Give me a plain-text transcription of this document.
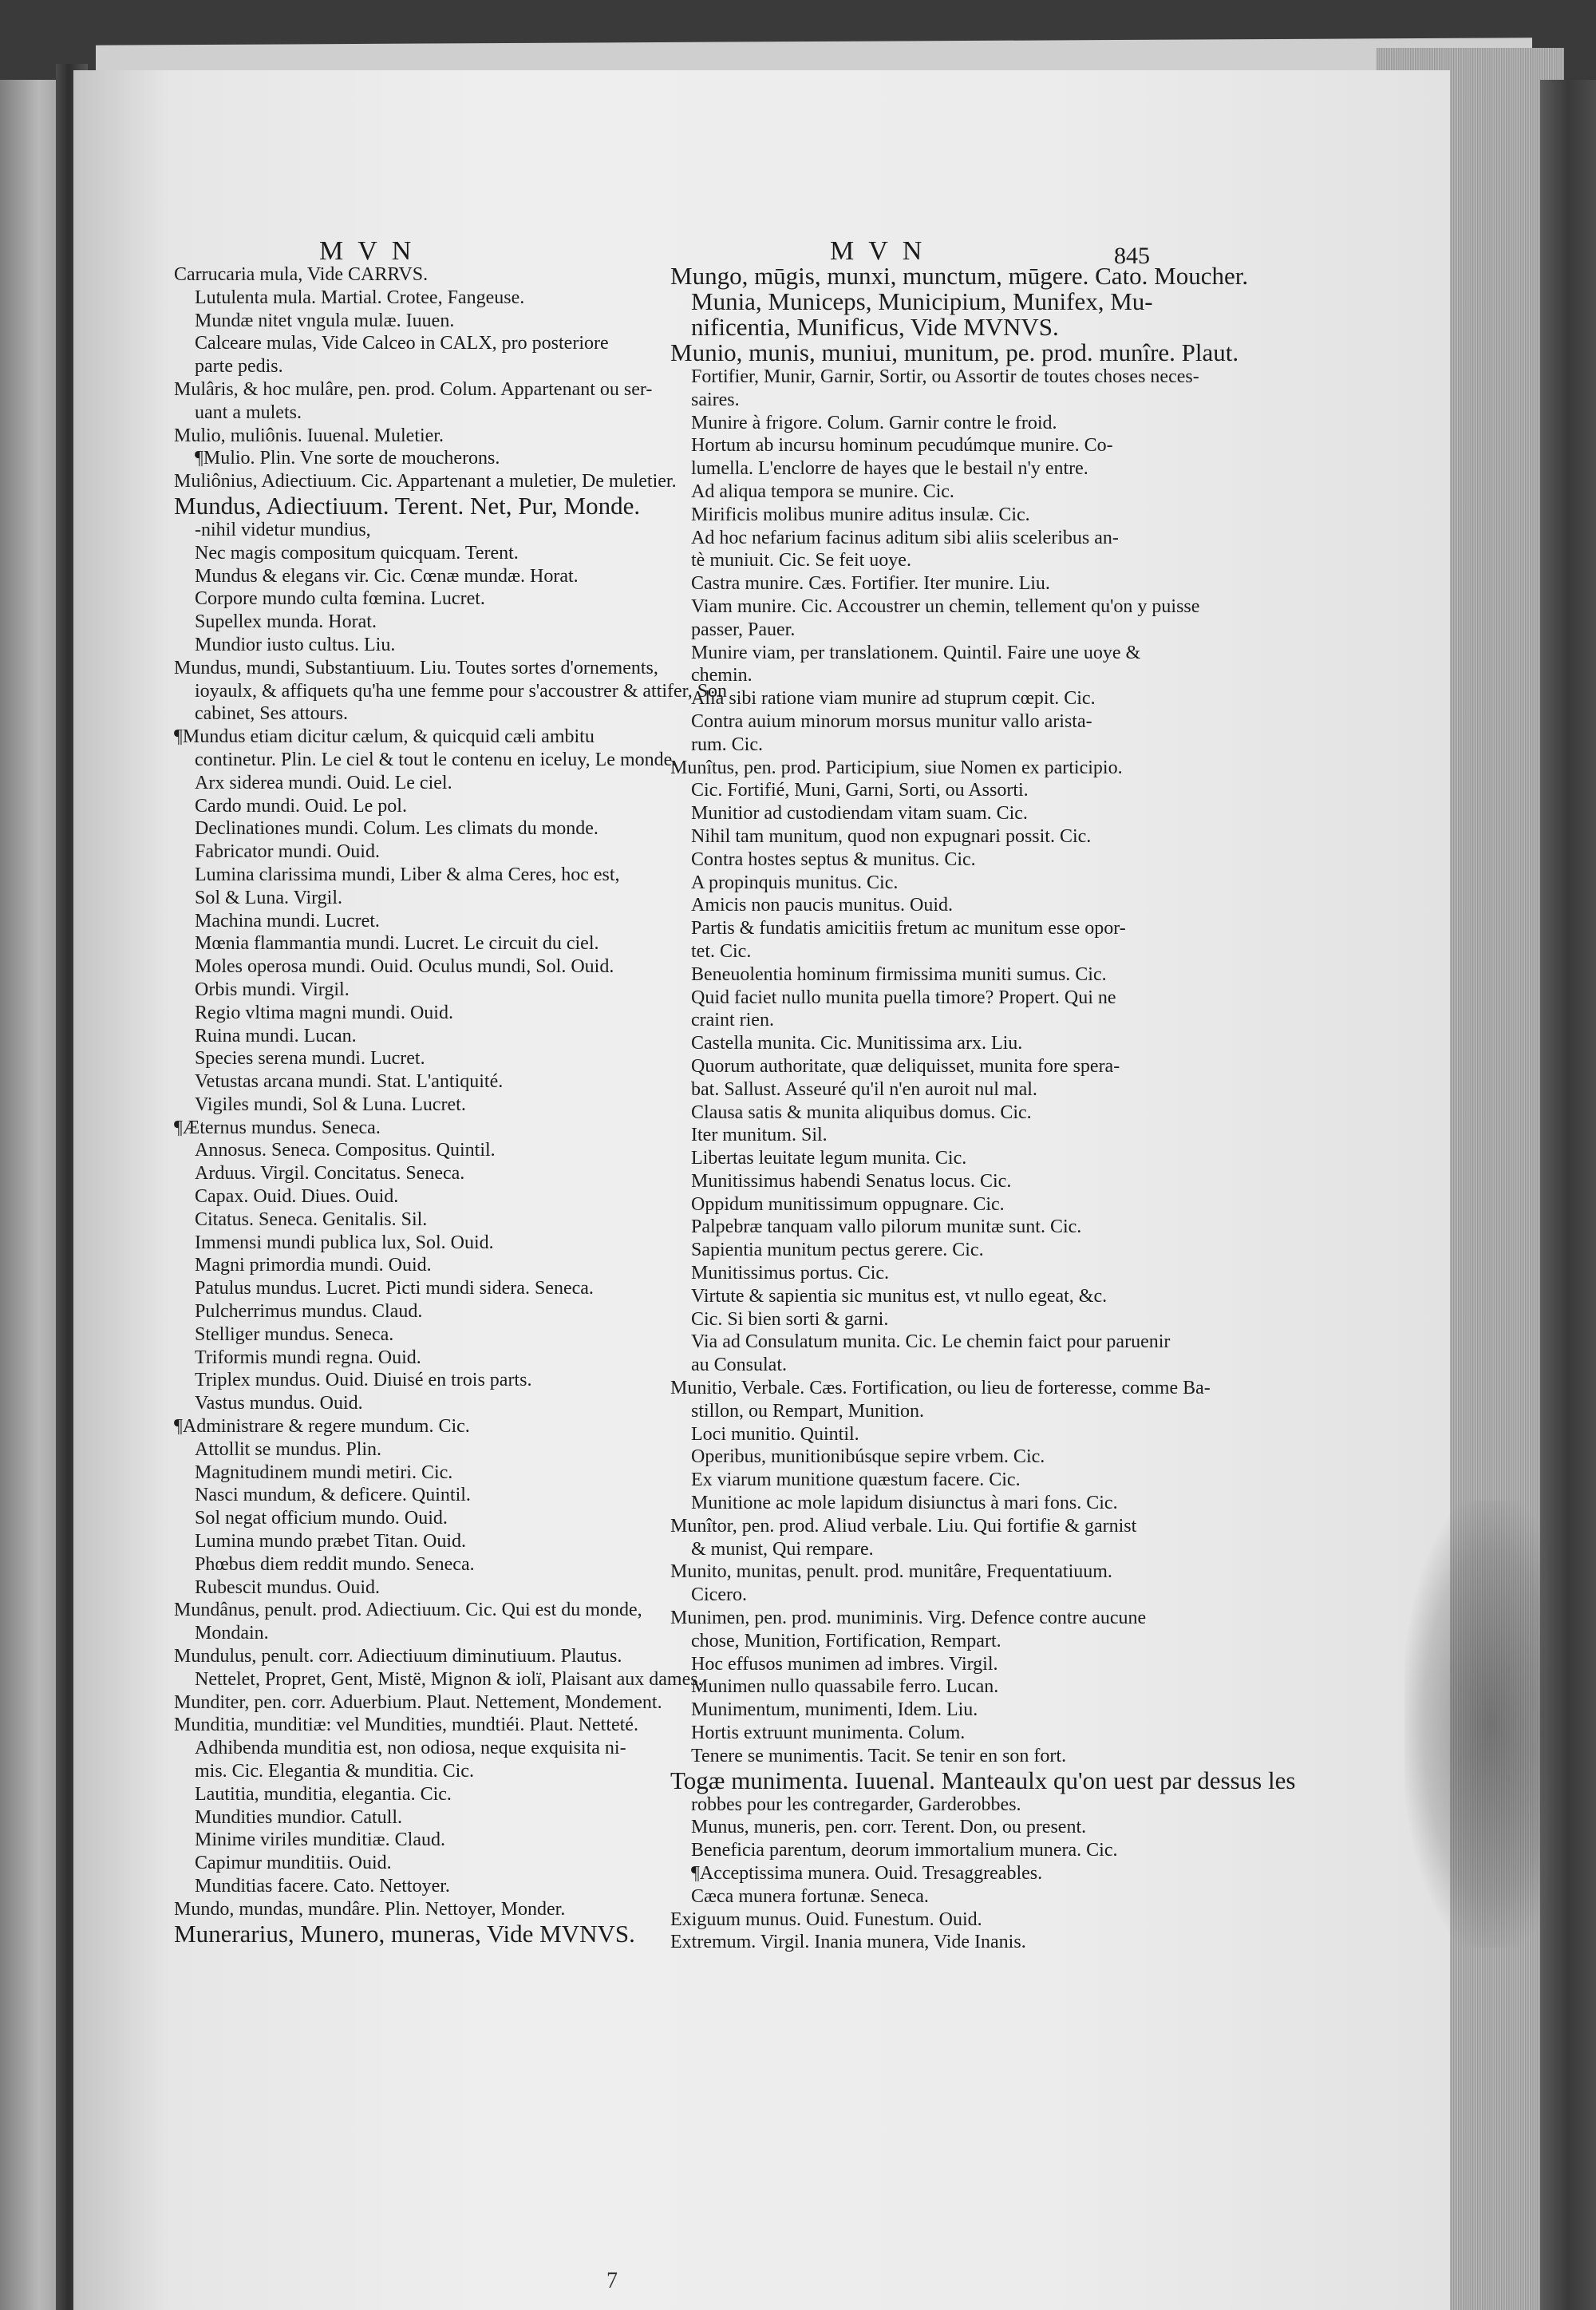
MVN	MVN	845
Carrucaria mula, Vide CARRVS.
Lutulenta mula. Martial. Crotee, Fangeuse.
Mundæ nitet vngula mulæ. Iuuen.
Calceare mulas, Vide Calceo in CALX, pro posteriore
parte pedis.
Mulâris, & hoc mulâre, pen. prod. Colum. Appartenant ou ser-
uant a mulets.
Mulio, muliônis. Iuuenal. Muletier.
¶Mulio. Plin. Vne sorte de moucherons.
Muliônius, Adiectiuum. Cic. Appartenant a muletier, De muletier.
Mundus, Adiectiuum. Terent. Net, Pur, Monde.
-nihil videtur mundius,
Nec magis compositum quicquam. Terent.
Mundus & elegans vir. Cic. Cœnæ mundæ. Horat.
Corpore mundo culta fœmina. Lucret.
Supellex munda. Horat.
Mundior iusto cultus. Liu.
Mundus, mundi, Substantiuum. Liu. Toutes sortes d'ornements,
ioyaulx, & affiquets qu'ha une femme pour s'accoustrer & attifer, Son
cabinet, Ses attours.
¶Mundus etiam dicitur cælum, & quicquid cæli ambitu
continetur. Plin. Le ciel & tout le contenu en iceluy, Le monde.
Arx siderea mundi. Ouid. Le ciel.
Cardo mundi. Ouid. Le pol.
Declinationes mundi. Colum. Les climats du monde.
Fabricator mundi. Ouid.
Lumina clarissima mundi, Liber & alma Ceres, hoc est,
Sol & Luna. Virgil.
Machina mundi. Lucret.
Mœnia flammantia mundi. Lucret. Le circuit du ciel.
Moles operosa mundi. Ouid. Oculus mundi, Sol. Ouid.
Orbis mundi. Virgil.
Regio vltima magni mundi. Ouid.
Ruina mundi. Lucan.
Species serena mundi. Lucret.
Vetustas arcana mundi. Stat. L'antiquité.
Vigiles mundi, Sol & Luna. Lucret.
¶Æternus mundus. Seneca.
Annosus. Seneca. Compositus. Quintil.
Arduus. Virgil. Concitatus. Seneca.
Capax. Ouid. Diues. Ouid.
Citatus. Seneca. Genitalis. Sil.
Immensi mundi publica lux, Sol. Ouid.
Magni primordia mundi. Ouid.
Patulus mundus. Lucret. Picti mundi sidera. Seneca.
Pulcherrimus mundus. Claud.
Stelliger mundus. Seneca.
Triformis mundi regna. Ouid.
Triplex mundus. Ouid. Diuisé en trois parts.
Vastus mundus. Ouid.
¶Administrare & regere mundum. Cic.
Attollit se mundus. Plin.
Magnitudinem mundi metiri. Cic.
Nasci mundum, & deficere. Quintil.
Sol negat officium mundo. Ouid.
Lumina mundo præbet Titan. Ouid.
Phœbus diem reddit mundo. Seneca.
Rubescit mundus. Ouid.
Mundânus, penult. prod. Adiectiuum. Cic. Qui est du monde,
Mondain.
Mundulus, penult. corr. Adiectiuum diminutiuum. Plautus.
Nettelet, Propret, Gent, Mistë, Mignon & iolï, Plaisant aux dames.
Munditer, pen. corr. Aduerbium. Plaut. Nettement, Mondement.
Munditia, munditiæ: vel Mundities, mundtiéi. Plaut. Netteté.
Adhibenda munditia est, non odiosa, neque exquisita ni-
mis. Cic. Elegantia & munditia. Cic.
Lautitia, munditia, elegantia. Cic.
Mundities mundior. Catull.
Minime viriles munditiæ. Claud.
Capimur munditiis. Ouid.
Munditias facere. Cato. Nettoyer.
Mundo, mundas, mundâre. Plin. Nettoyer, Monder.
Munerarius, Munero, muneras, Vide MVNVS.
Mungo, mūgis, munxi, munctum, mūgere. Cato. Moucher.
Munia, Municeps, Municipium, Munifex, Mu-
nificentia, Munificus, Vide MVNVS.
Munio, munis, muniui, munitum, pe. prod. munîre. Plaut.
Fortifier, Munir, Garnir, Sortir, ou Assortir de toutes choses neces-
saires.
Munire à frigore. Colum. Garnir contre le froid.
Hortum ab incursu hominum pecudúmque munire. Co-
lumella. L'enclorre de hayes que le bestail n'y entre.
Ad aliqua tempora se munire. Cic.
Mirificis molibus munire aditus insulæ. Cic.
Ad hoc nefarium facinus aditum sibi aliis sceleribus an-
tè muniuit. Cic. Se feit uoye.
Castra munire. Cæs. Fortifier. Iter munire. Liu.
Viam munire. Cic. Accoustrer un chemin, tellement qu'on y puisse
passer, Pauer.
Munire viam, per translationem. Quintil. Faire une uoye &
chemin.
Alia sibi ratione viam munire ad stuprum cœpit. Cic.
Contra auium minorum morsus munitur vallo arista-
rum. Cic.
Munîtus, pen. prod. Participium, siue Nomen ex participio.
Cic. Fortifié, Muni, Garni, Sorti, ou Assorti.
Munitior ad custodiendam vitam suam. Cic.
Nihil tam munitum, quod non expugnari possit. Cic.
Contra hostes septus & munitus. Cic.
A propinquis munitus. Cic.
Amicis non paucis munitus. Ouid.
Partis & fundatis amicitiis fretum ac munitum esse opor-
tet. Cic.
Beneuolentia hominum firmissima muniti sumus. Cic.
Quid faciet nullo munita puella timore? Propert. Qui ne
craint rien.
Castella munita. Cic. Munitissima arx. Liu.
Quorum authoritate, quæ deliquisset, munita fore spera-
bat. Sallust. Asseuré qu'il n'en auroit nul mal.
Clausa satis & munita aliquibus domus. Cic.
Iter munitum. Sil.
Libertas leuitate legum munita. Cic.
Munitissimus habendi Senatus locus. Cic.
Oppidum munitissimum oppugnare. Cic.
Palpebræ tanquam vallo pilorum munitæ sunt. Cic.
Sapientia munitum pectus gerere. Cic.
Munitissimus portus. Cic.
Virtute & sapientia sic munitus est, vt nullo egeat, &c.
Cic. Si bien sorti & garni.
Via ad Consulatum munita. Cic. Le chemin faict pour paruenir
au Consulat.
Munitio, Verbale. Cæs. Fortification, ou lieu de forteresse, comme Ba-
stillon, ou Rempart, Munition.
Loci munitio. Quintil.
Operibus, munitionibúsque sepire vrbem. Cic.
Ex viarum munitione quæstum facere. Cic.
Munitione ac mole lapidum disiunctus à mari fons. Cic.
Munîtor, pen. prod. Aliud verbale. Liu. Qui fortifie & garnist
& munist, Qui rempare.
Munito, munitas, penult. prod. munitâre, Frequentatiuum.
Cicero.
Munimen, pen. prod. muniminis. Virg. Defence contre aucune
chose, Munition, Fortification, Rempart.
Hoc effusos munimen ad imbres. Virgil.
Munimen nullo quassabile ferro. Lucan.
Munimentum, munimenti, Idem. Liu.
Hortis extruunt munimenta. Colum.
Tenere se munimentis. Tacit. Se tenir en son fort.
Togæ munimenta. Iuuenal. Manteaulx qu'on uest par dessus les
robbes pour les contregarder, Garderobbes.
Munus, muneris, pen. corr. Terent. Don, ou present.
Beneficia parentum, deorum immortalium munera. Cic.
¶Acceptissima munera. Ouid. Tresaggreables.
Cæca munera fortunæ. Seneca.
Exiguum munus. Ouid. Funestum. Ouid.
Extremum. Virgil. Inania munera, Vide Inanis.
7
